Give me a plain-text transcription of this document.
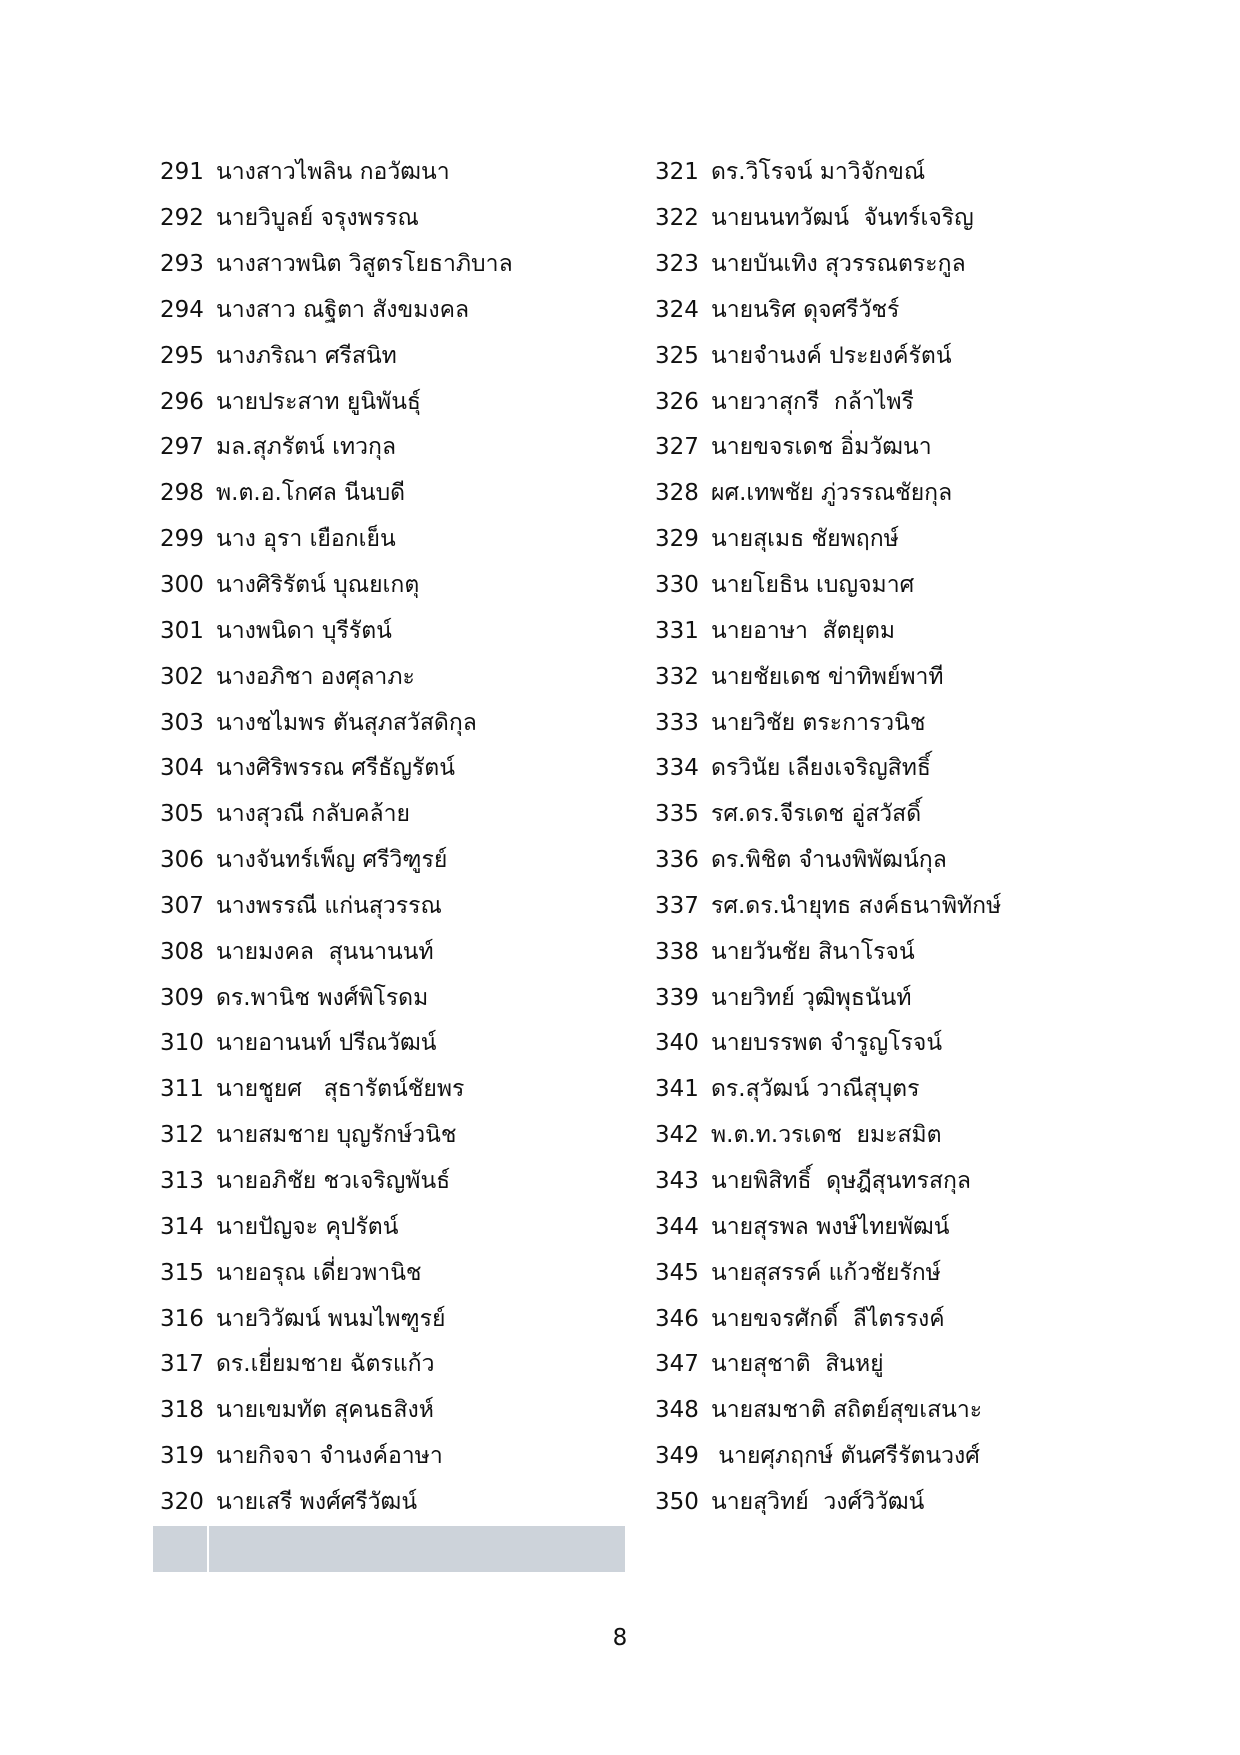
291 นางสาวไพลิน กอวัฒนา
292 นายวิบูลย์ จรุงพรรณ
293 นางสาวพนิต วิสูตรโยธาภิบาล
294 นางสาว ณฐิตา สังขมงคล
295 นางภริณา ศรีสนิท
296 นายประสาท ยูนิพันธุ์
297 มล.สุภรัตน์ เทวกุล
298 พ.ต.อ.โกศล นีนบดี
299 นาง อุรา เยือกเย็น
300 นางศิริรัตน์ บุณยเกตุ
301 นางพนิดา บุรีรัตน์
302 นางอภิชา องศุลาภะ
303 นางชไมพร ตันสุภสวัสดิกุล
304 นางศิริพรรณ ศรีธัญรัตน์
305 นางสุวณี กลับคล้าย
306 นางจันทร์เพ็ญ ศรีวิฑูรย์
307 นางพรรณี แก่นสุวรรณ
308 นายมงคล  สุนนานนท์
309 ดร.พานิช พงศ์พิโรดม
310 นายอานนท์ ปรีณวัฒน์
311 นายชูยศ   สุธารัตน์ชัยพร
312 นายสมชาย บุญรักษ์วนิช
313 นายอภิชัย ชวเจริญพันธ์
314 นายปัญจะ คุปรัตน์
315 นายอรุณ เดี่ยวพานิช
316 นายวิวัฒน์ พนมไพฑูรย์
317 ดร.เยี่ยมชาย ฉัตรแก้ว
318 นายเขมทัต สุคนธสิงห์
319 นายกิจจา จำนงค์อาษา
320 นายเสรี พงศ์ศรีวัฒน์
321 ดร.วิโรจน์ มาวิจักขณ์
322 นายนนทวัฒน์  จันทร์เจริญ
323 นายบันเทิง สุวรรณตระกูล
324 นายนริศ ดุจศรีวัชร์
325 นายจำนงค์ ประยงค์รัตน์
326 นายวาสุกรี  กล้าไพรี
327 นายขจรเดช อิ่มวัฒนา
328 ผศ.เทพชัย ภู่วรรณชัยกุล
329 นายสุเมธ ชัยพฤกษ์
330 นายโยธิน เบญจมาศ
331 นายอาษา  สัตยุตม
332 นายชัยเดช ข่าทิพย์พาที
333 นายวิชัย ตระการวนิช
334 ดรวินัย เลียงเจริญสิทธิ์
335 รศ.ดร.จีรเดช อู่สวัสดิ์
336 ดร.พิชิต จำนงพิพัฒน์กุล
337 รศ.ดร.นำยุทธ สงค์ธนาพิทักษ์
338 นายวันชัย สินาโรจน์
339 นายวิทย์ วุฒิพุธนันท์
340 นายบรรพต จำรูญโรจน์
341 ดร.สุวัฒน์ วาณีสุบุตร
342 พ.ต.ท.วรเดช  ยมะสมิต
343 นายพิสิทธิ์  ดุษฎีสุนทรสกุล
344 นายสุรพล พงษ์ไทยพัฒน์
345 นายสุสรรค์ แก้วชัยรักษ์
346 นายขจรศักดิ์  ลีไตรรงค์
347 นายสุชาติ  สินหยู่
348 นายสมชาติ สถิตย์สุขเสนาะ
349 นายศุภฤกษ์ ตันศรีรัตนวงศ์
350 นายสุวิทย์  วงศ์วิวัฒน์
8
